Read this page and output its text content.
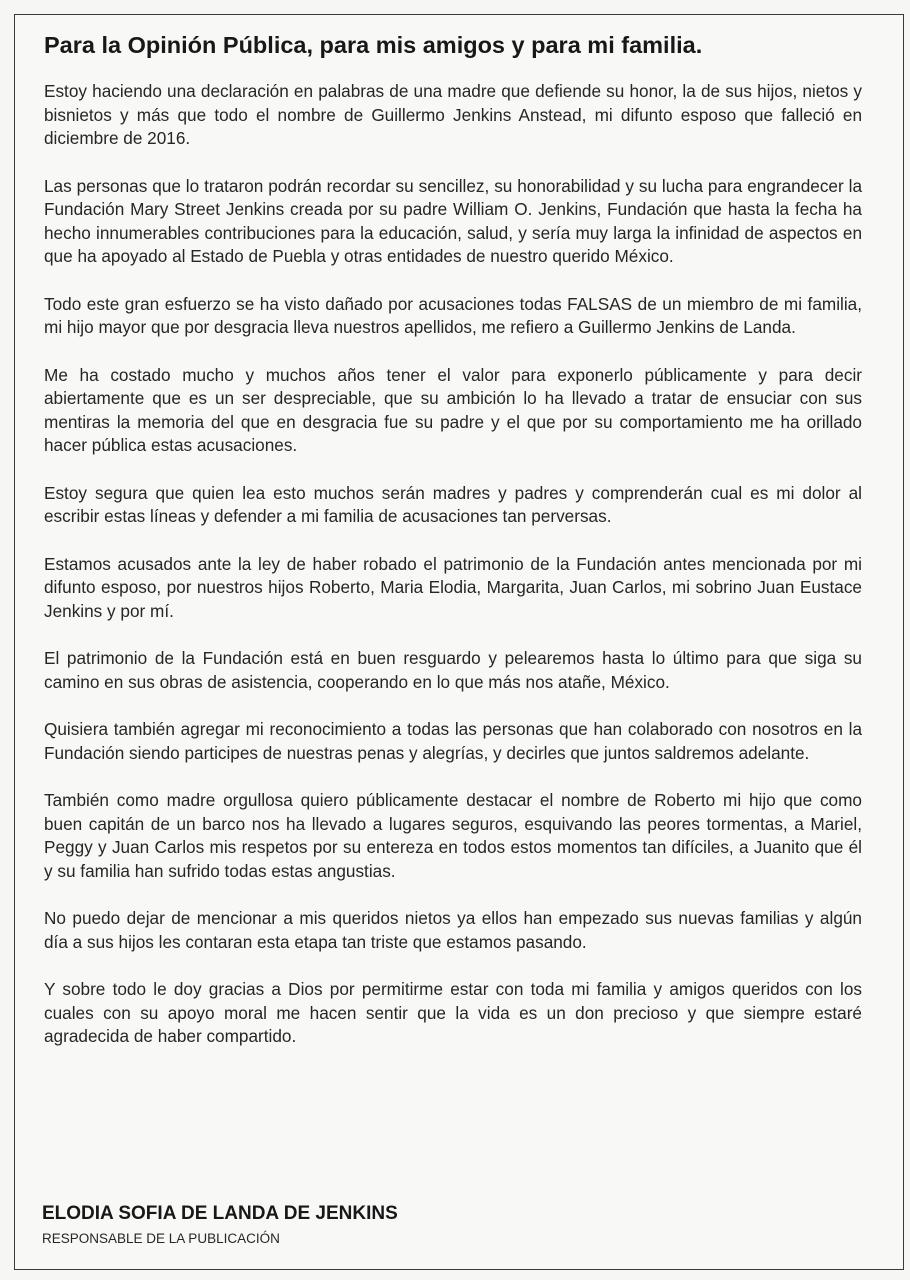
Para la Opinión Pública, para mis amigos y para mi familia.

Estoy haciendo una declaración en palabras de una madre que defiende su honor, la de sus hijos, nietos y bisnietos y más que todo el nombre de Guillermo Jenkins Anstead, mi difunto esposo que falleció en diciembre de 2016.

Las personas que lo trataron podrán recordar su sencillez, su honorabilidad y su lucha para engrandecer la Fundación Mary Street Jenkins creada por su padre William O. Jenkins, Fundación que hasta la fecha ha hecho innumerables contribuciones para la educación, salud, y sería muy larga la infinidad de aspectos en que ha apoyado al Estado de Puebla y otras entidades de nuestro querido México.

Todo este gran esfuerzo se ha visto dañado por acusaciones todas FALSAS de un miembro de mi familia, mi hijo mayor que por desgracia lleva nuestros apellidos, me refiero a Guillermo Jenkins de Landa.

Me ha costado mucho y muchos años tener el valor para exponerlo públicamente y para decir abiertamente que es un ser despreciable, que su ambición lo ha llevado a tratar de ensuciar con sus mentiras la memoria del que en desgracia fue su padre y el que por su comportamiento me ha orillado hacer pública estas acusaciones.

Estoy segura que quien lea esto muchos serán madres y padres y comprenderán cual es mi dolor al escribir estas líneas y defender a mi familia de acusaciones tan perversas.

Estamos acusados ante la ley de haber robado el patrimonio de la Fundación antes mencionada por mi difunto esposo, por nuestros hijos Roberto, Maria Elodia, Margarita, Juan Carlos, mi sobrino Juan Eustace Jenkins y por mí.

El patrimonio de la Fundación está en buen resguardo y pelearemos hasta lo último para que siga su camino en sus obras de asistencia, cooperando en lo que más nos atañe, México.

Quisiera también agregar mi reconocimiento a todas las personas que han colaborado con nosotros en la Fundación siendo participes de nuestras penas y alegrías, y decirles que juntos saldremos adelante.

También como madre orgullosa quiero públicamente destacar el nombre de Roberto mi hijo que como buen capitán de un barco nos ha llevado a lugares seguros, esquivando las peores tormentas, a Mariel, Peggy y Juan Carlos mis respetos por su entereza en todos estos momentos tan difíciles, a Juanito que él y su familia han sufrido todas estas angustias.

No puedo dejar de mencionar a mis queridos nietos ya ellos han empezado sus nuevas familias y algún día a sus hijos les contaran esta etapa tan triste que estamos pasando.

Y sobre todo le doy gracias a Dios por permitirme estar con toda mi familia y amigos queridos con los cuales con su apoyo moral me hacen sentir que la vida es un don precioso y que siempre estaré agradecida de haber compartido.

ELODIA SOFIA DE LANDA DE JENKINS
RESPONSABLE DE LA PUBLICACIÓN
